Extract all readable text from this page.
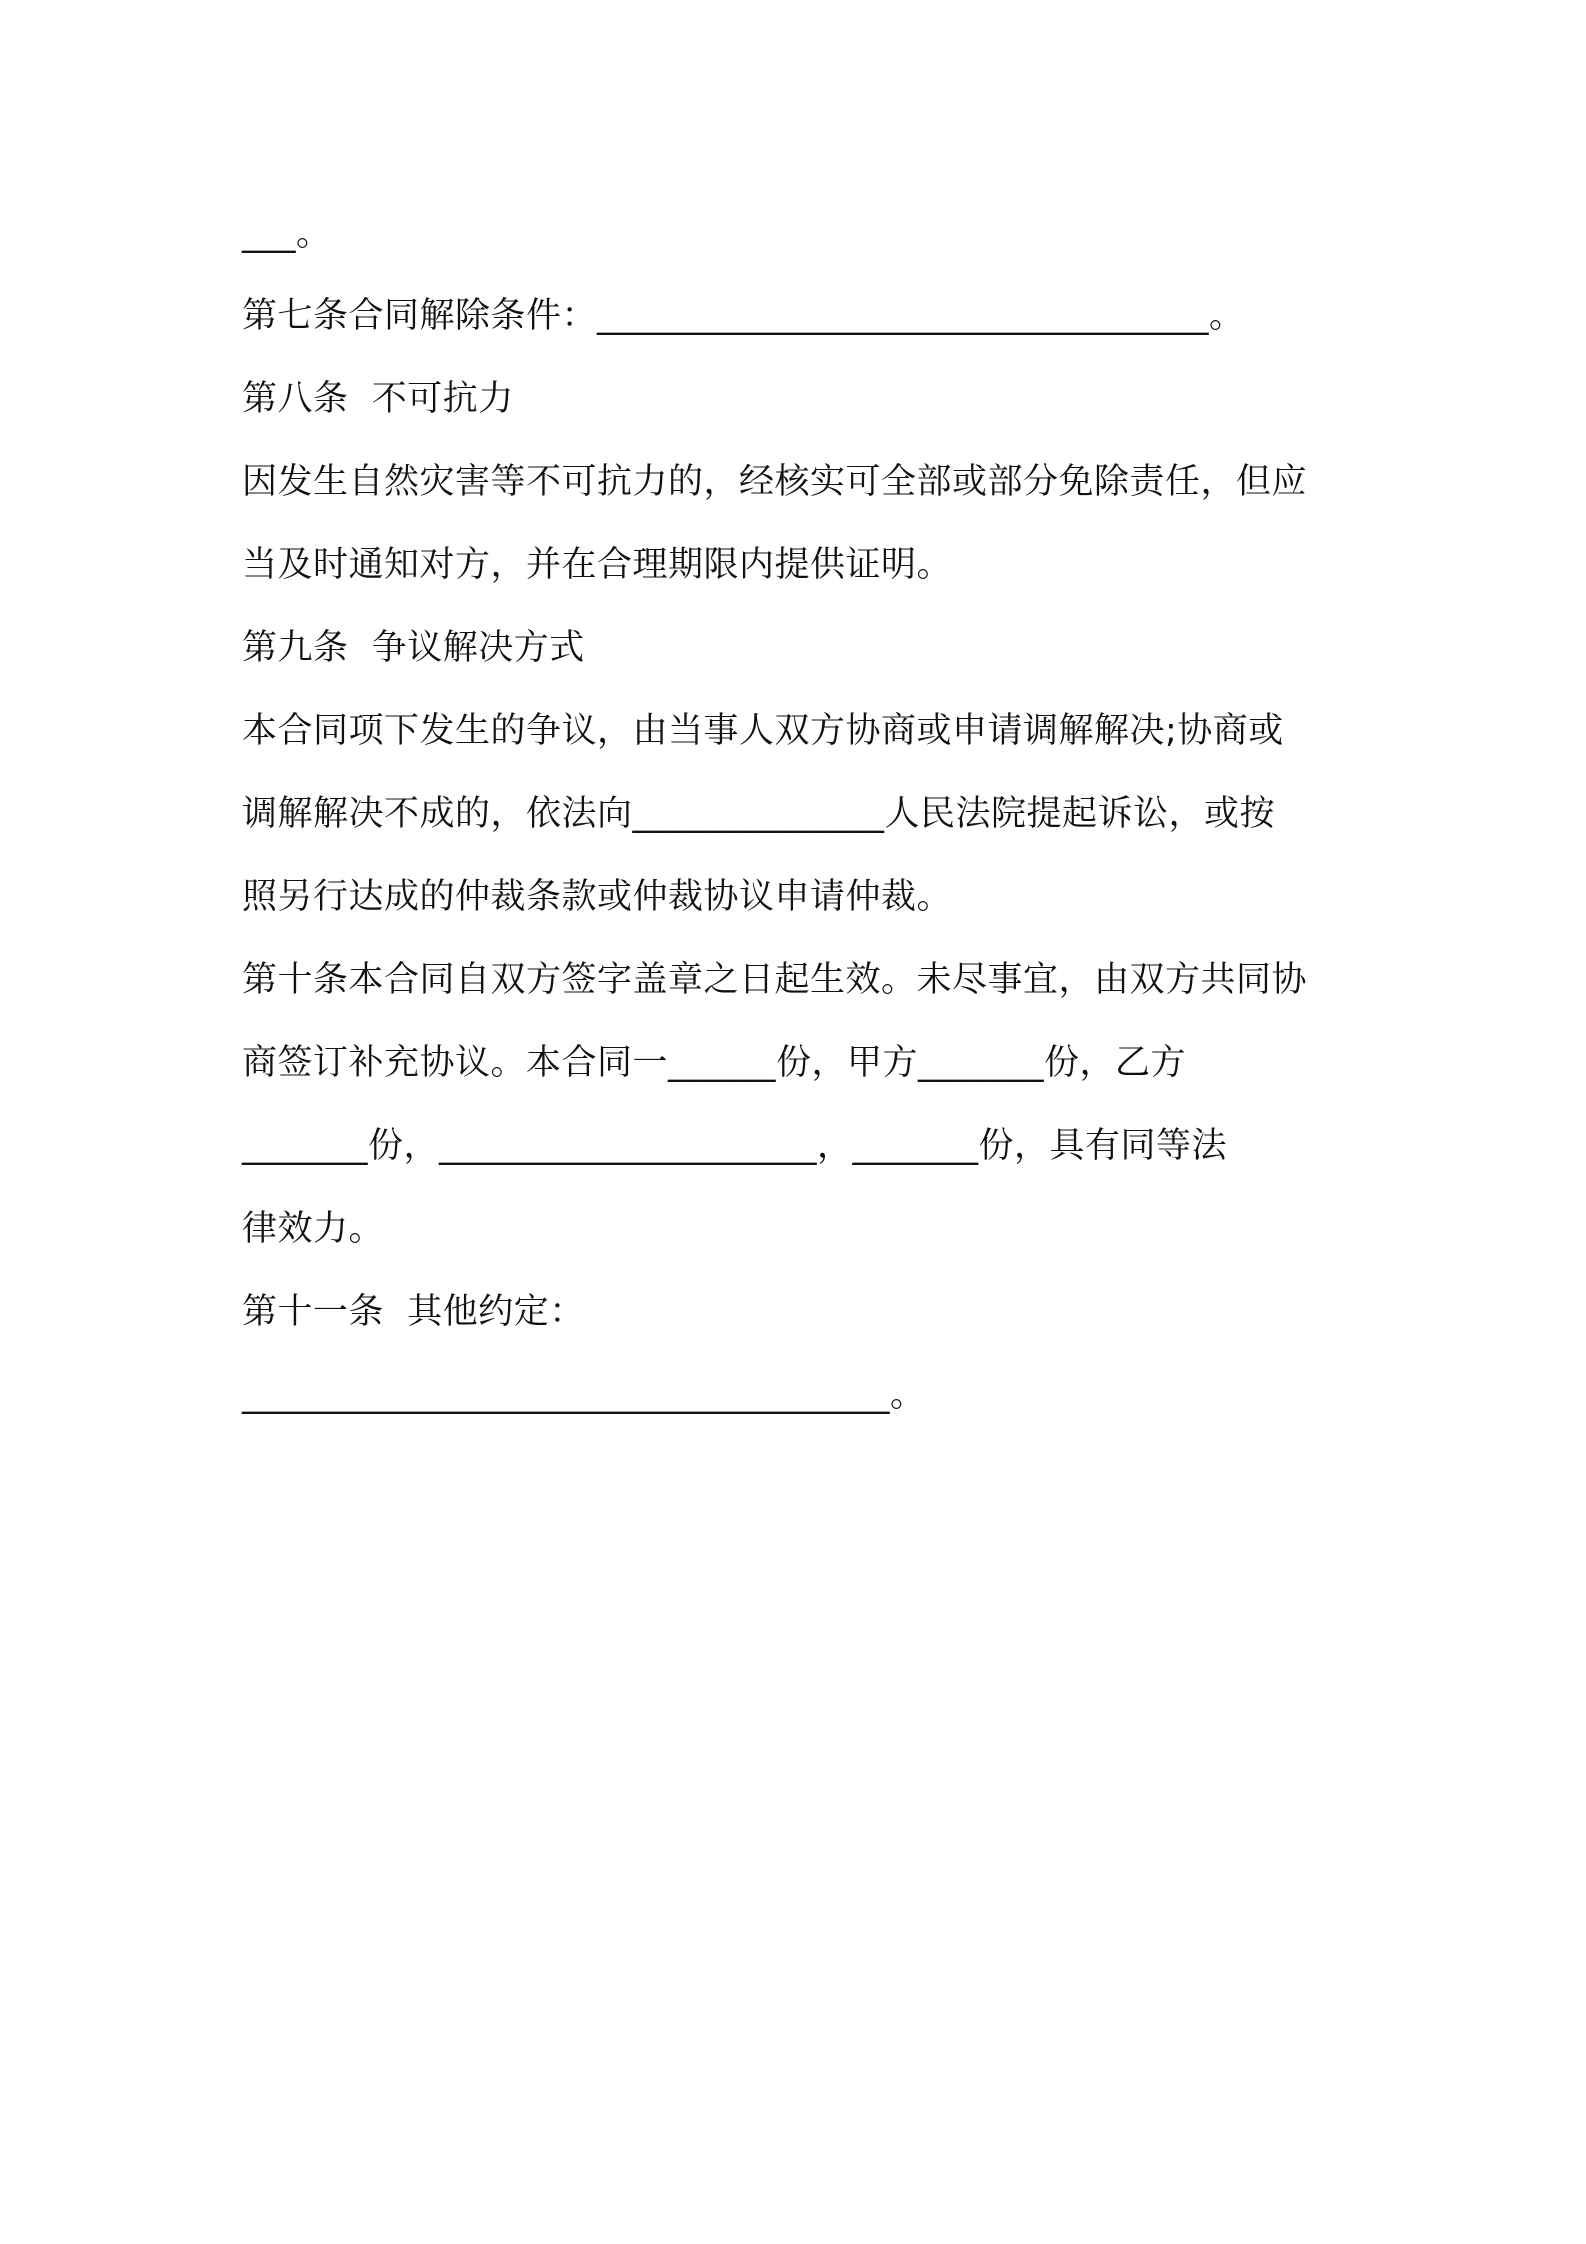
___。
第七条合同解除条件：__________________________________。
第八条  不可抗力
因发生自然灾害等不可抗力的，经核实可全部或部分免除责任，但应
当及时通知对方，并在合理期限内提供证明。
第九条  争议解决方式
本合同项下发生的争议，由当事人双方协商或申请调解解决;协商或
调解解决不成的，依法向______________人民法院提起诉讼，或按
照另行达成的仲裁条款或仲裁协议申请仲裁。
第十条本合同自双方签字盖章之日起生效。未尽事宜，由双方共同协
商签订补充协议。本合同一______份，甲方_______份，乙方
_______份，_____________________，_______份，具有同等法
律效力。
第十一条  其他约定：
____________________________________。
